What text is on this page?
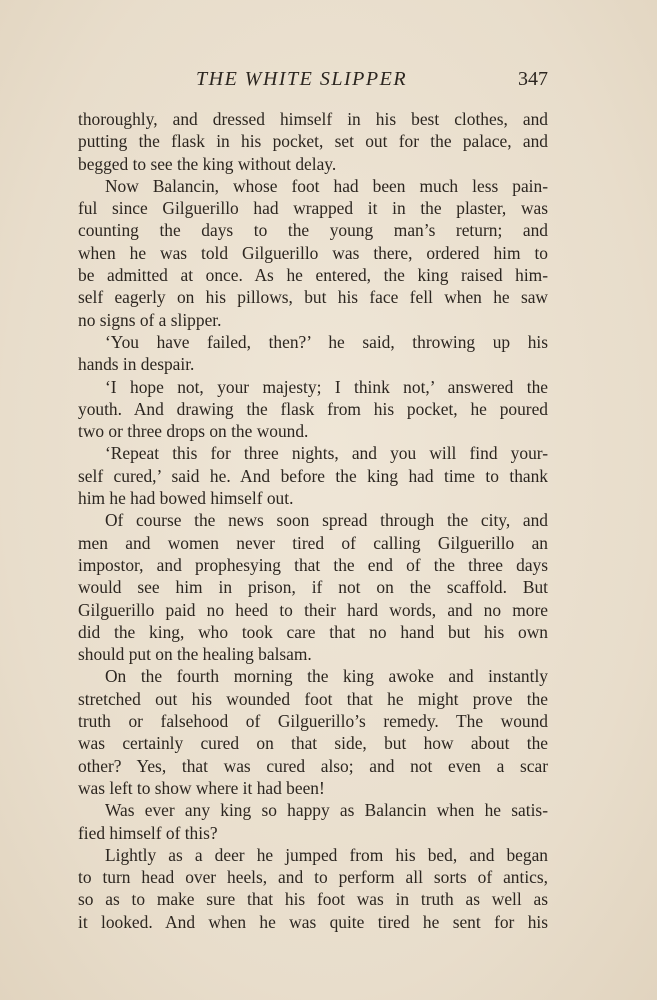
THE WHITE SLIPPER	347
thoroughly, and dressed himself in his best clothes, and
putting the flask in his pocket, set out for the palace, and
begged to see the king without delay.
Now Balancin, whose foot had been much less pain-
ful since Gilguerillo had wrapped it in the plaster, was
counting the days to the young man’s return; and
when he was told Gilguerillo was there, ordered him to
be admitted at once. As he entered, the king raised him-
self eagerly on his pillows, but his face fell when he saw
no signs of a slipper.
‘You have failed, then?’ he said, throwing up his
hands in despair.
‘I hope not, your majesty; I think not,’ answered the
youth. And drawing the flask from his pocket, he poured
two or three drops on the wound.
‘Repeat this for three nights, and you will find your-
self cured,’ said he. And before the king had time to thank
him he had bowed himself out.
Of course the news soon spread through the city, and
men and women never tired of calling Gilguerillo an
impostor, and prophesying that the end of the three days
would see him in prison, if not on the scaffold. But
Gilguerillo paid no heed to their hard words, and no more
did the king, who took care that no hand but his own
should put on the healing balsam.
On the fourth morning the king awoke and instantly
stretched out his wounded foot that he might prove the
truth or falsehood of Gilguerillo’s remedy. The wound
was certainly cured on that side, but how about the
other? Yes, that was cured also; and not even a scar
was left to show where it had been!
Was ever any king so happy as Balancin when he satis-
fied himself of this?
Lightly as a deer he jumped from his bed, and began
to turn head over heels, and to perform all sorts of antics,
so as to make sure that his foot was in truth as well as
it looked. And when he was quite tired he sent for his
